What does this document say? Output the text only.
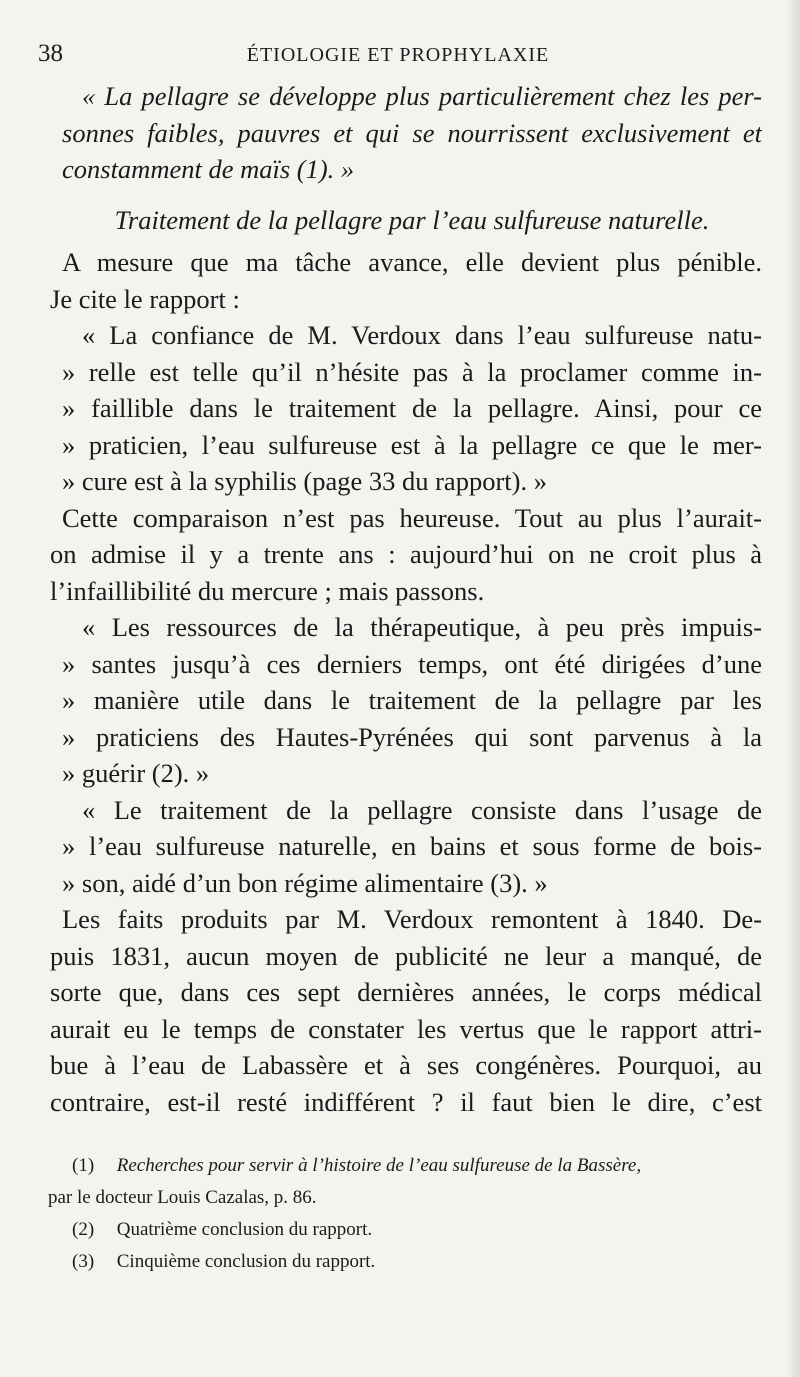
38	ÉTIOLOGIE ET PROPHYLAXIE
« La pellagre se développe plus particulièrement chez les per-
sonnes faibles, pauvres et qui se nourrissent exclusivement et
constamment de maïs (1). »
Traitement de la pellagre par l’eau sulfureuse naturelle.
A mesure que ma tâche avance, elle devient plus pénible.
Je cite le rapport :
« La confiance de M. Verdoux dans l’eau sulfureuse natu-
» relle est telle qu’il n’hésite pas à la proclamer comme in-
» faillible dans le traitement de la pellagre. Ainsi, pour ce
» praticien, l’eau sulfureuse est à la pellagre ce que le mer-
» cure est à la syphilis (page 33 du rapport). »
Cette comparaison n’est pas heureuse. Tout au plus l’aurait-
on admise il y a trente ans : aujourd’hui on ne croit plus à
l’infaillibilité du mercure ; mais passons.
« Les ressources de la thérapeutique, à peu près impuis-
» santes jusqu’à ces derniers temps, ont été dirigées d’une
» manière utile dans le traitement de la pellagre par les
» praticiens des Hautes-Pyrénées qui sont parvenus à la
» guérir (2). »
« Le traitement de la pellagre consiste dans l’usage de
» l’eau sulfureuse naturelle, en bains et sous forme de bois-
» son, aidé d’un bon régime alimentaire (3). »
Les faits produits par M. Verdoux remontent à 1840. De-
puis 1831, aucun moyen de publicité ne leur a manqué, de
sorte que, dans ces sept dernières années, le corps médical
aurait eu le temps de constater les vertus que le rapport attri-
bue à l’eau de Labassère et à ses congénères. Pourquoi, au
contraire, est-il resté indifférent ? il faut bien le dire, c’est
(1) Recherches pour servir à l’histoire de l’eau sulfureuse de la Bassère,
par le docteur Louis Cazalas, p. 86.
(2) Quatrième conclusion du rapport.
(3) Cinquième conclusion du rapport.
